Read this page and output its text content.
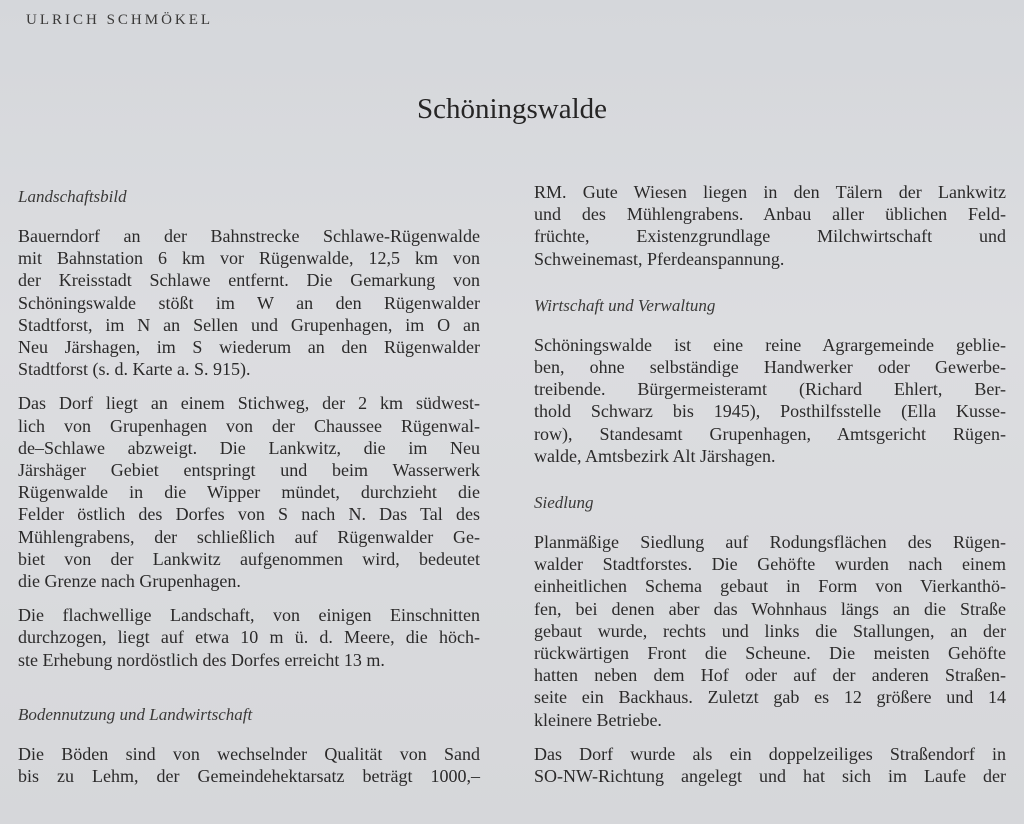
ULRICH SCHMÖKEL
Schöningswalde
Landschaftsbild
Bauerndorf an der Bahnstrecke Schlawe-Rügenwalde
mit Bahnstation 6 km vor Rügenwalde, 12,5 km von
der Kreisstadt Schlawe entfernt. Die Gemarkung von
Schöningswalde stößt im W an den Rügenwalder
Stadtforst, im N an Sellen und Grupenhagen, im O an
Neu Järshagen, im S wiederum an den Rügenwalder
Stadtforst (s. d. Karte a. S. 915).
Das Dorf liegt an einem Stichweg, der 2 km südwest-
lich von Grupenhagen von der Chaussee Rügenwal-
de–Schlawe abzweigt. Die Lankwitz, die im Neu
Järshäger Gebiet entspringt und beim Wasserwerk
Rügenwalde in die Wipper mündet, durchzieht die
Felder östlich des Dorfes von S nach N. Das Tal des
Mühlengrabens, der schließlich auf Rügenwalder Ge-
biet von der Lankwitz aufgenommen wird, bedeutet
die Grenze nach Grupenhagen.
Die flachwellige Landschaft, von einigen Einschnitten
durchzogen, liegt auf etwa 10 m ü. d. Meere, die höch-
ste Erhebung nordöstlich des Dorfes erreicht 13 m.
Bodennutzung und Landwirtschaft
Die Böden sind von wechselnder Qualität von Sand
bis zu Lehm, der Gemeindehektarsatz beträgt 1000,–
RM. Gute Wiesen liegen in den Tälern der Lankwitz
und des Mühlengrabens. Anbau aller üblichen Feld-
früchte, Existenzgrundlage Milchwirtschaft und
Schweinemast, Pferdeanspannung.
Wirtschaft und Verwaltung
Schöningswalde ist eine reine Agrargemeinde geblie-
ben, ohne selbständige Handwerker oder Gewerbe-
treibende. Bürgermeisteramt (Richard Ehlert, Ber-
thold Schwarz bis 1945), Posthilfsstelle (Ella Kusse-
row), Standesamt Grupenhagen, Amtsgericht Rügen-
walde, Amtsbezirk Alt Järshagen.
Siedlung
Planmäßige Siedlung auf Rodungsflächen des Rügen-
walder Stadtforstes. Die Gehöfte wurden nach einem
einheitlichen Schema gebaut in Form von Vierkanthö-
fen, bei denen aber das Wohnhaus längs an die Straße
gebaut wurde, rechts und links die Stallungen, an der
rückwärtigen Front die Scheune. Die meisten Gehöfte
hatten neben dem Hof oder auf der anderen Straßen-
seite ein Backhaus. Zuletzt gab es 12 größere und 14
kleinere Betriebe.
Das Dorf wurde als ein doppelzeiliges Straßendorf in
SO-NW-Richtung angelegt und hat sich im Laufe der
